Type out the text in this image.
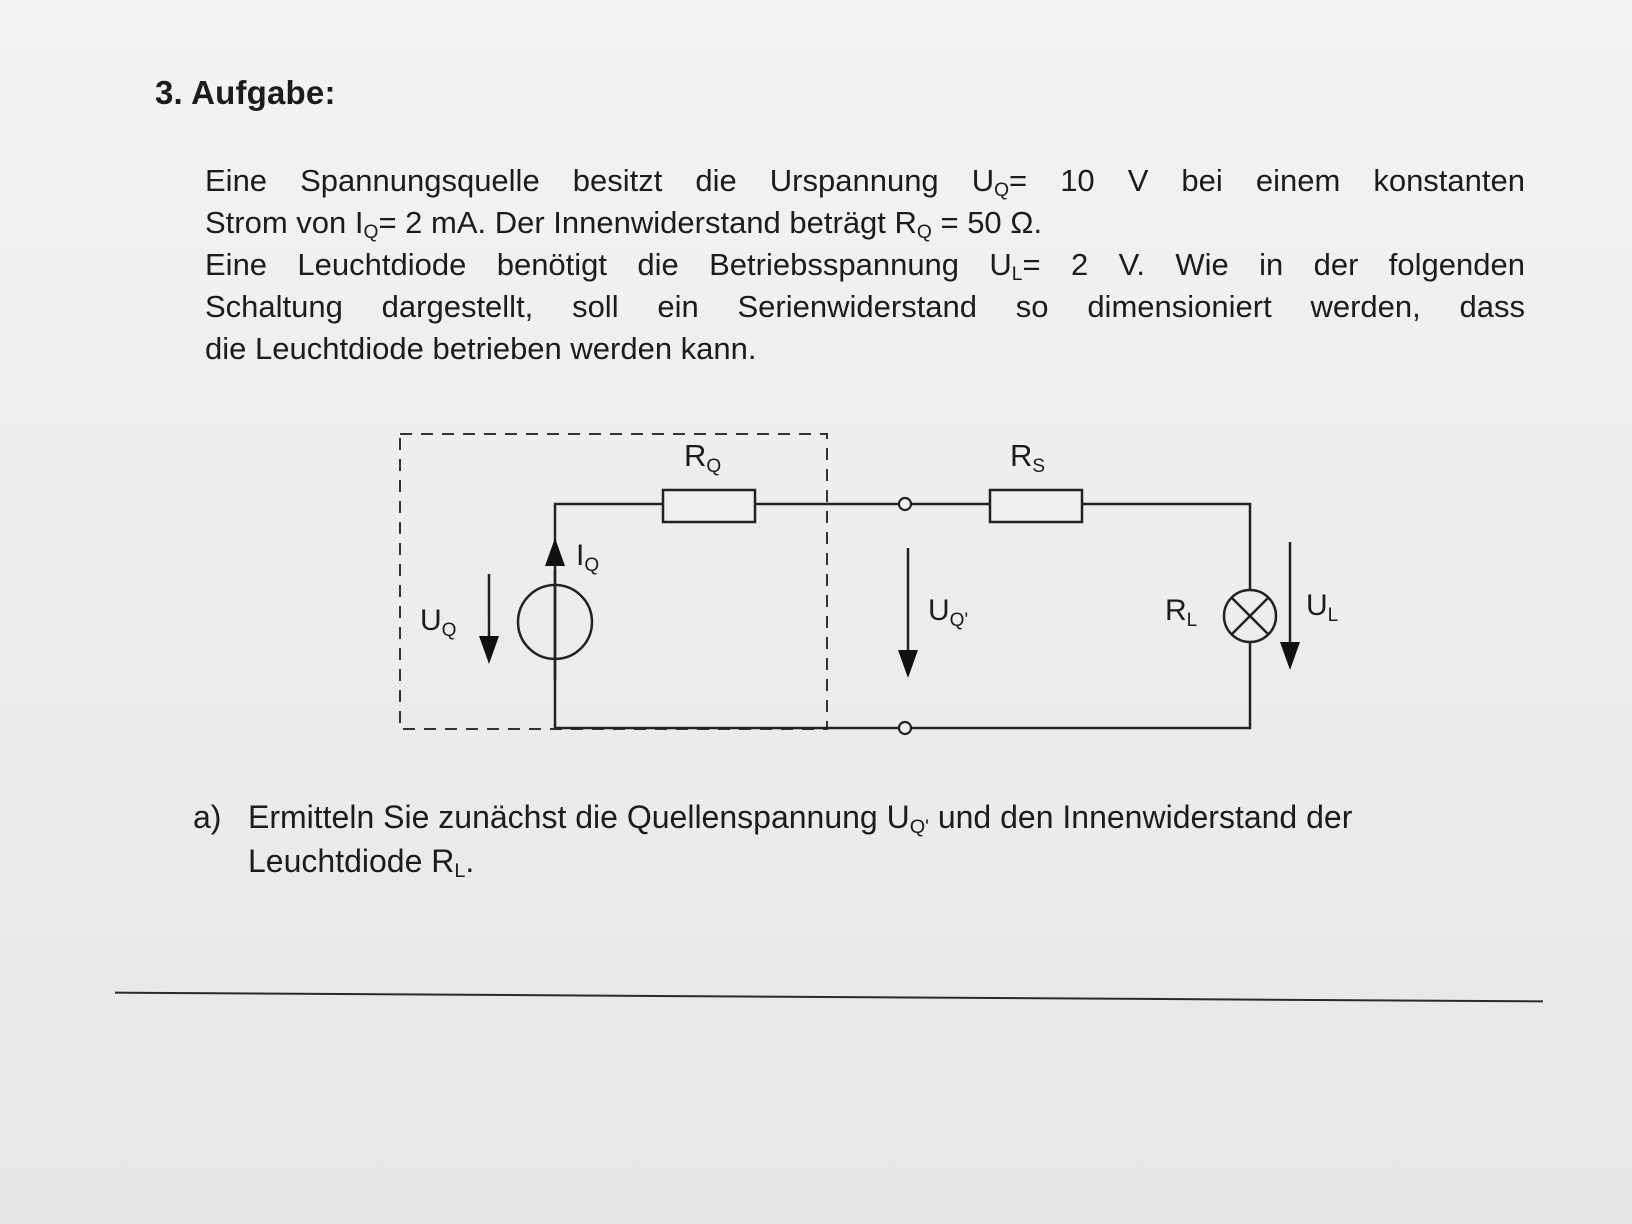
3. Aufgabe:
Eine Spannungsquelle besitzt die Urspannung $U_Q= 10$ V bei einem konstanten
Strom von $I_Q= 2$ mA. Der Innenwiderstand beträgt $R_Q = 50$ Ω.
Eine Leuchtdiode benötigt die Betriebsspannung $U_L= 2$ V. Wie in der folgenden
Schaltung dargestellt, soll ein Serienwiderstand so dimensioniert werden, dass
die Leuchtdiode betrieben werden kann.
RQ	RS
$I_Q$
$U_Q$
$U_{Q'}$	$R_L$	$U_L$
a) Ermitteln Sie zunächst die Quellenspannung $U_{Q'}$ und den Innenwiderstand der
Leuchtdiode $R_L$.
